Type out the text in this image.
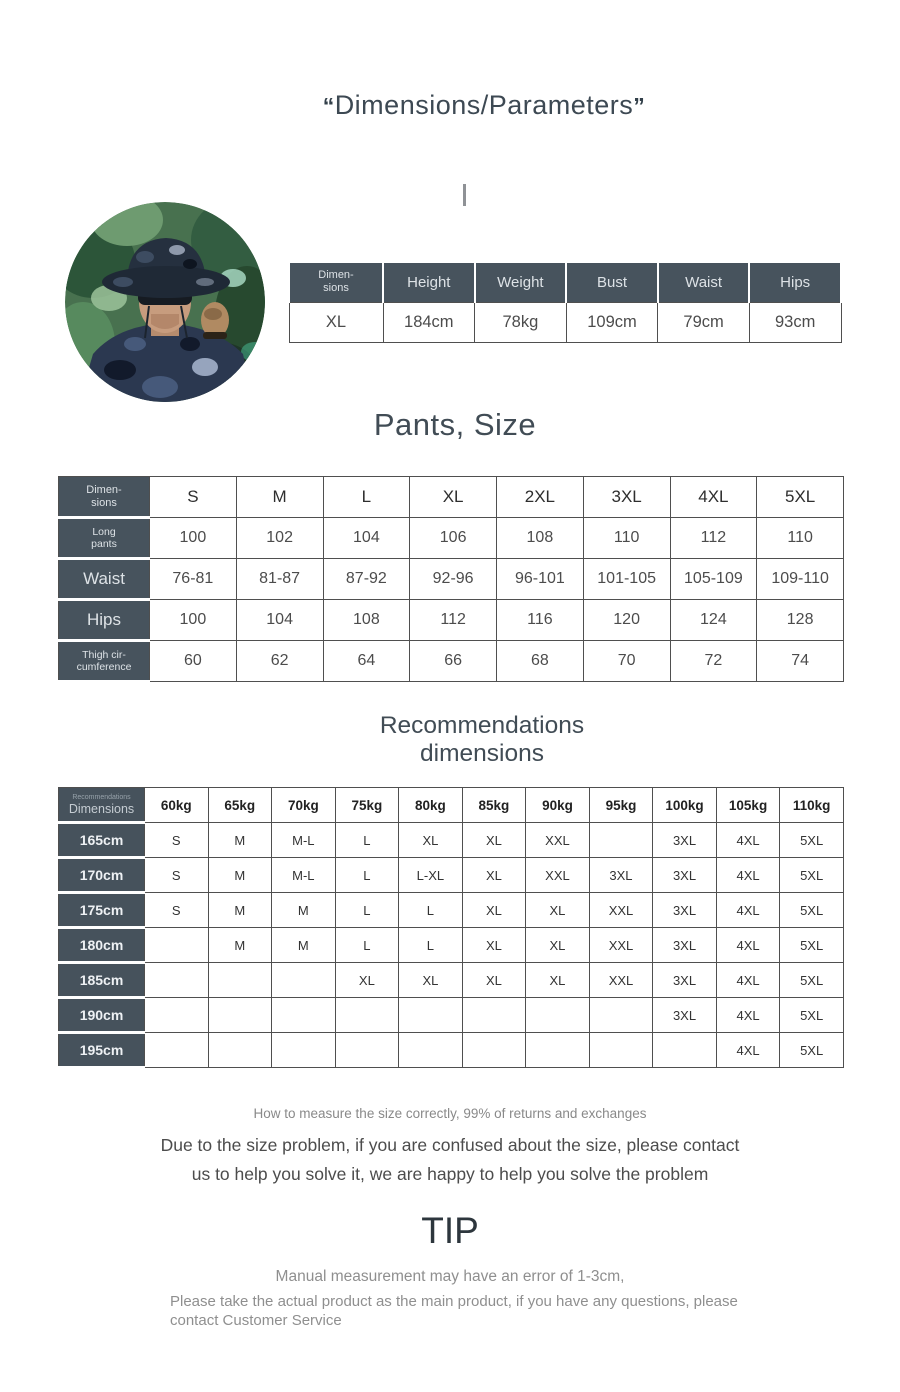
“Dimensions/Parameters”
Dimen-
sions	Height	Weight	Bust	Waist	Hips

XL	184cm	78kg	109cm	79cm	93cm
Pants, Size
Dimen-
sions	S	M	L	XL	2XL	3XL	4XL	5XL

Long
pants	100	102	104	106	108	110	112	110

Waist	76-81	81-87	87-92	92-96	96-101	101-105	105-109	109-110

Hips	100	104	108	112	116	120	124	128

Thigh cir-
cumference	60	62	64	66	68	70	72	74
Recommendations
dimensions
Recommendations
Dimensions	60kg	65kg	70kg	75kg	80kg	85kg	90kg	95kg	100kg	105kg	110kg

165cm	S	M	M-L	L	XL	XL	XXL		3XL	4XL	5XL

170cm	S	M	M-L	L	L-XL	XL	XXL	3XL	3XL	4XL	5XL

175cm	S	M	M	L	L	XL	XL	XXL	3XL	4XL	5XL

180cm		M	M	L	L	XL	XL	XXL	3XL	4XL	5XL

185cm				XL	XL	XL	XL	XXL	3XL	4XL	5XL

190cm									3XL	4XL	5XL

195cm										4XL	5XL
How to measure the size correctly, 99% of returns and exchanges
Due to the size problem, if you are confused about the size, please contact
us to help you solve it, we are happy to help you solve the problem
TIP
Manual measurement may have an error of 1-3cm,
Please take the actual product as the main product, if you have any questions, please contact Customer Service
